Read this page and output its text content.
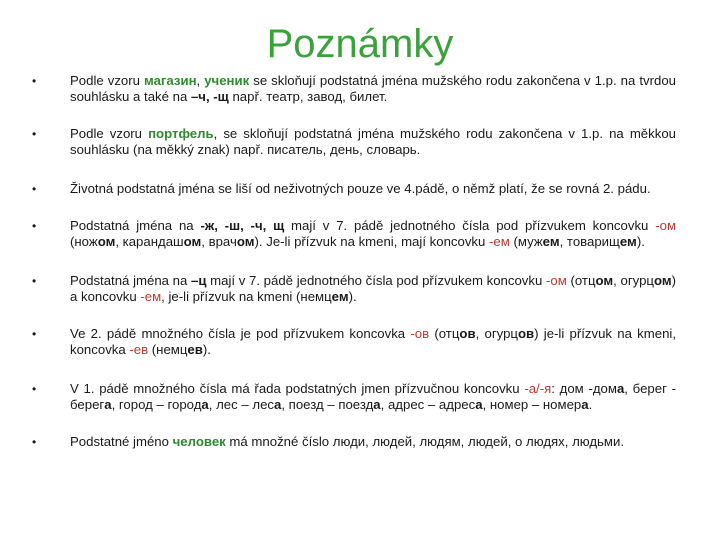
Poznámky
•	Podle vzoru магазин, ученик se skloňují podstatná jména mužského rodu zakončena v 1.p. na tvrdou souhlásku a také na –ч, -щ např. театр, завод, билет.
•	Podle vzoru портфель, se skloňují podstatná jména mužského rodu zakončena v 1.p. na měkkou souhlásku (na měkký znak) např. писатель, день, словарь.
•	Životná podstatná jména se liší od neživotných pouze ve 4.pádě, o němž platí, že se rovná 2. pádu.
•	Podstatná jména na -ж, -ш, -ч, щ mají v 7. pádě jednotného čísla pod přízvukem koncovku -ом (ножом, карандашом, врачом). Je-li přízvuk na kmeni, mají koncovku -ем (мужем, товарищем).
•	Podstatná jména na –ц mají v 7. pádě jednotného čísla pod přízvukem koncovku -ом (отцом, огурцом) a koncovku -ем, je-li přízvuk na kmeni (немцем).
•	Ve 2. pádě množného čísla je pod přízvukem koncovka -ов (отцов, огурцов) je-li přízvuk na kmeni, koncovka -ев (немцев).
•	V 1. pádě množného čísla má řada podstatných jmen přízvučnou koncovku -а/-я: дом -дома, берег - берега, город – города, лес – леса, поезд – поезда, адрес – адреса, номер – номера.
•	Podstatné jméno человек má množné číslo люди, людей, людям, людей, о людях, людьми.
